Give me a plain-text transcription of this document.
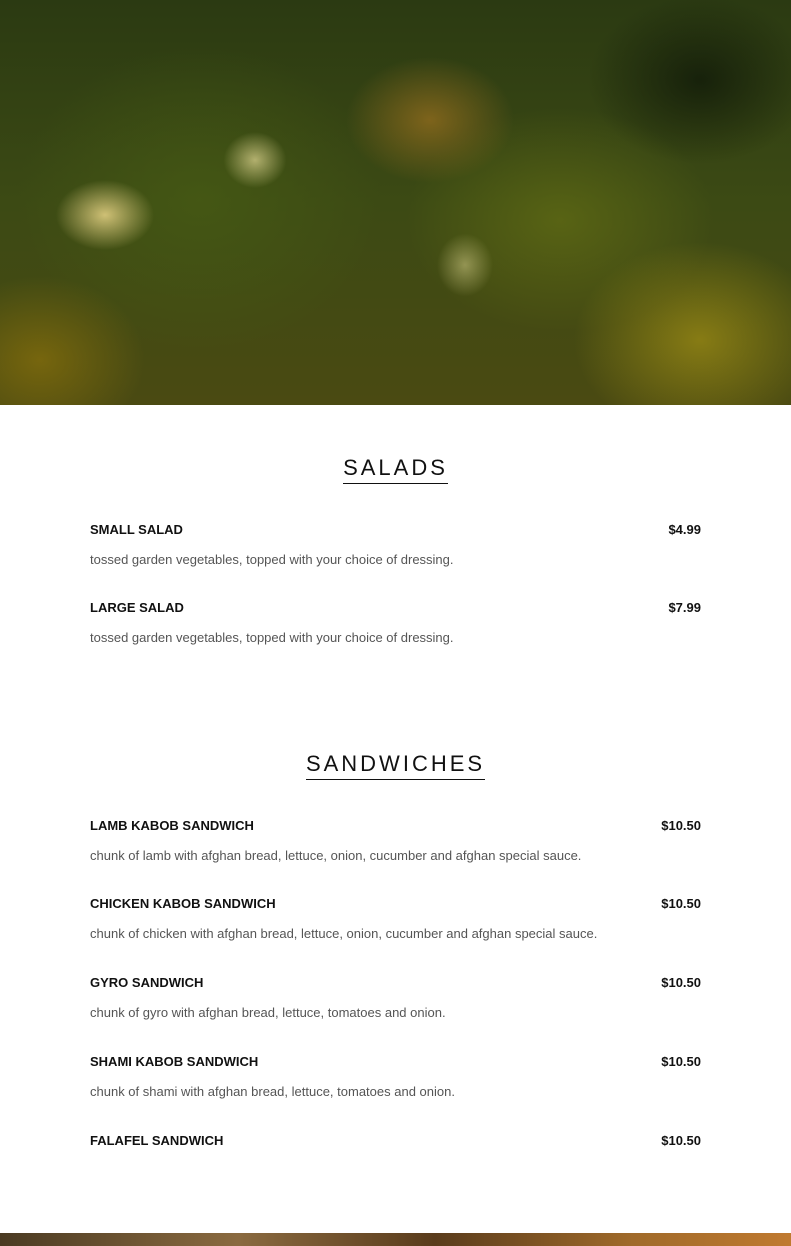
SALADS
SMALL SALAD	$4.99
tossed garden vegetables, topped with your choice of dressing.
LARGE SALAD	$7.99
tossed garden vegetables, topped with your choice of dressing.
SANDWICHES
LAMB KABOB SANDWICH	$10.50
chunk of lamb with afghan bread, lettuce, onion, cucumber and afghan special sauce.
CHICKEN KABOB SANDWICH	$10.50
chunk of chicken with afghan bread, lettuce, onion, cucumber and afghan special sauce.
GYRO SANDWICH	$10.50
chunk of gyro with afghan bread, lettuce, tomatoes and onion.
SHAMI KABOB SANDWICH	$10.50
chunk of shami with afghan bread, lettuce, tomatoes and onion.
FALAFEL SANDWICH	$10.50
